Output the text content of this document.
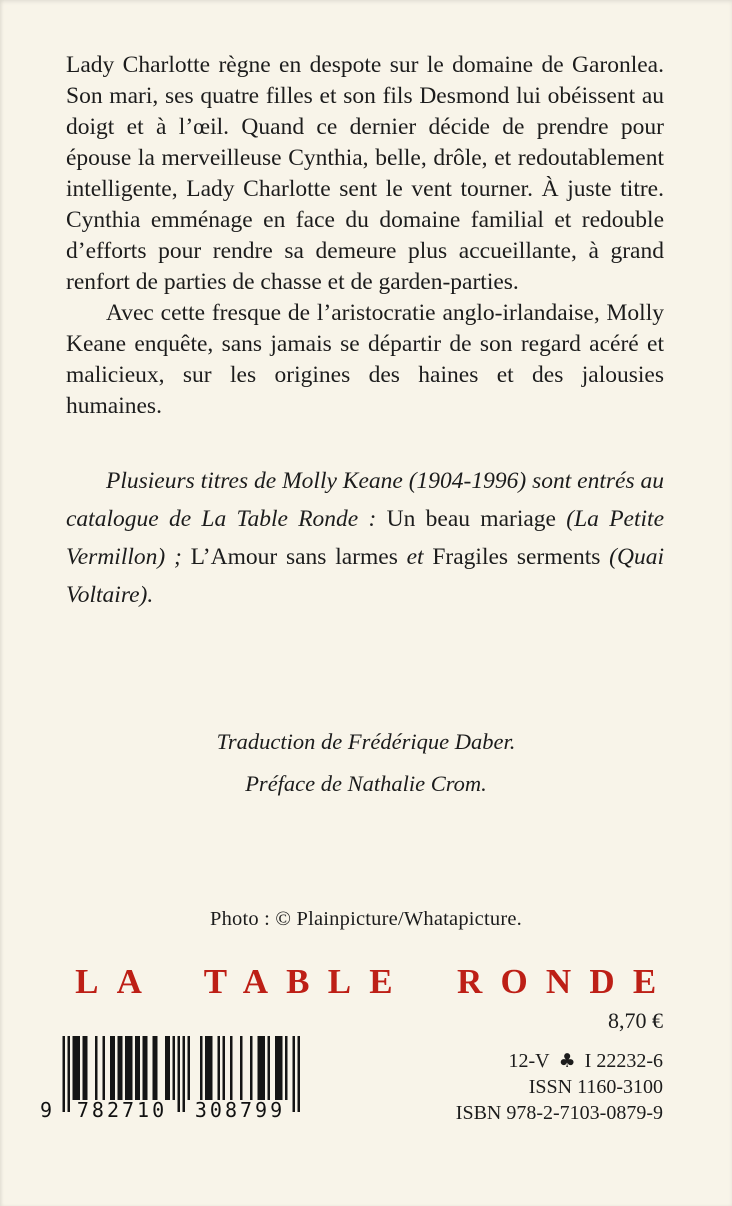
Lady Charlotte règne en despote sur le domaine de Garonlea. Son mari, ses quatre filles et son fils Desmond lui obéissent au doigt et à l’œil. Quand ce dernier décide de prendre pour épouse la merveilleuse Cynthia, belle, drôle, et redoutablement intelligente, Lady Charlotte sent le vent tourner. À juste titre. Cynthia emménage en face du domaine familial et redouble d’efforts pour rendre sa demeure plus accueillante, à grand renfort de parties de chasse et de garden-parties.

Avec cette fresque de l’aristocratie anglo-irlandaise, Molly Keane enquête, sans jamais se départir de son regard acéré et malicieux, sur les origines des haines et des jalousies humaines.

Plusieurs titres de Molly Keane (1904-1996) sont entrés au catalogue de La Table Ronde : Un beau mariage (La Petite Vermillon) ; L’Amour sans larmes et Fragiles serments (Quai Voltaire).

Traduction de Frédérique Daber.

Préface de Nathalie Crom.

Photo : © Plainpicture/Whatapicture.

LA TABLE RONDE
8,70 €
9	782710	308799
12-V ♣ I 22232-6
ISSN 1160-3100
ISBN 978-2-7103-0879-9
